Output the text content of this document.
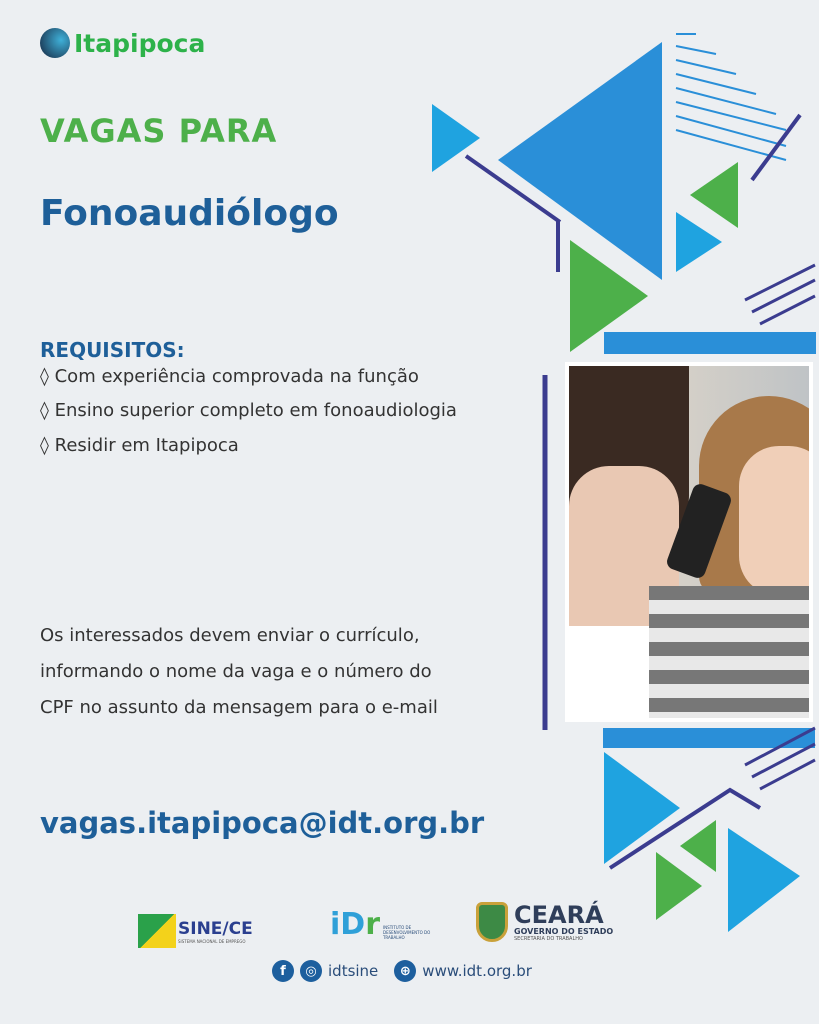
Itapipoca
VAGAS PARA
Fonoaudiólogo
REQUISITOS:
◊ Com experiência comprovada na função
◊ Ensino superior completo em fonoaudiologia
◊ Residir em Itapipoca
Os interessados devem enviar o currículo, informando o nome da vaga e o número do CPF no assunto da mensagem para o e-mail
vagas.itapipoca@idt.org.br
SINE/CE
SISTEMA NACIONAL DE EMPREGO	iDr INSTITUTO DE DESENVOLVIMENTO DO TRABALHO
CEARÁ
GOVERNO DO ESTADO
SECRETARIA DO TRABALHO
f	◎ idtsine	⊕ www.idt.org.br
